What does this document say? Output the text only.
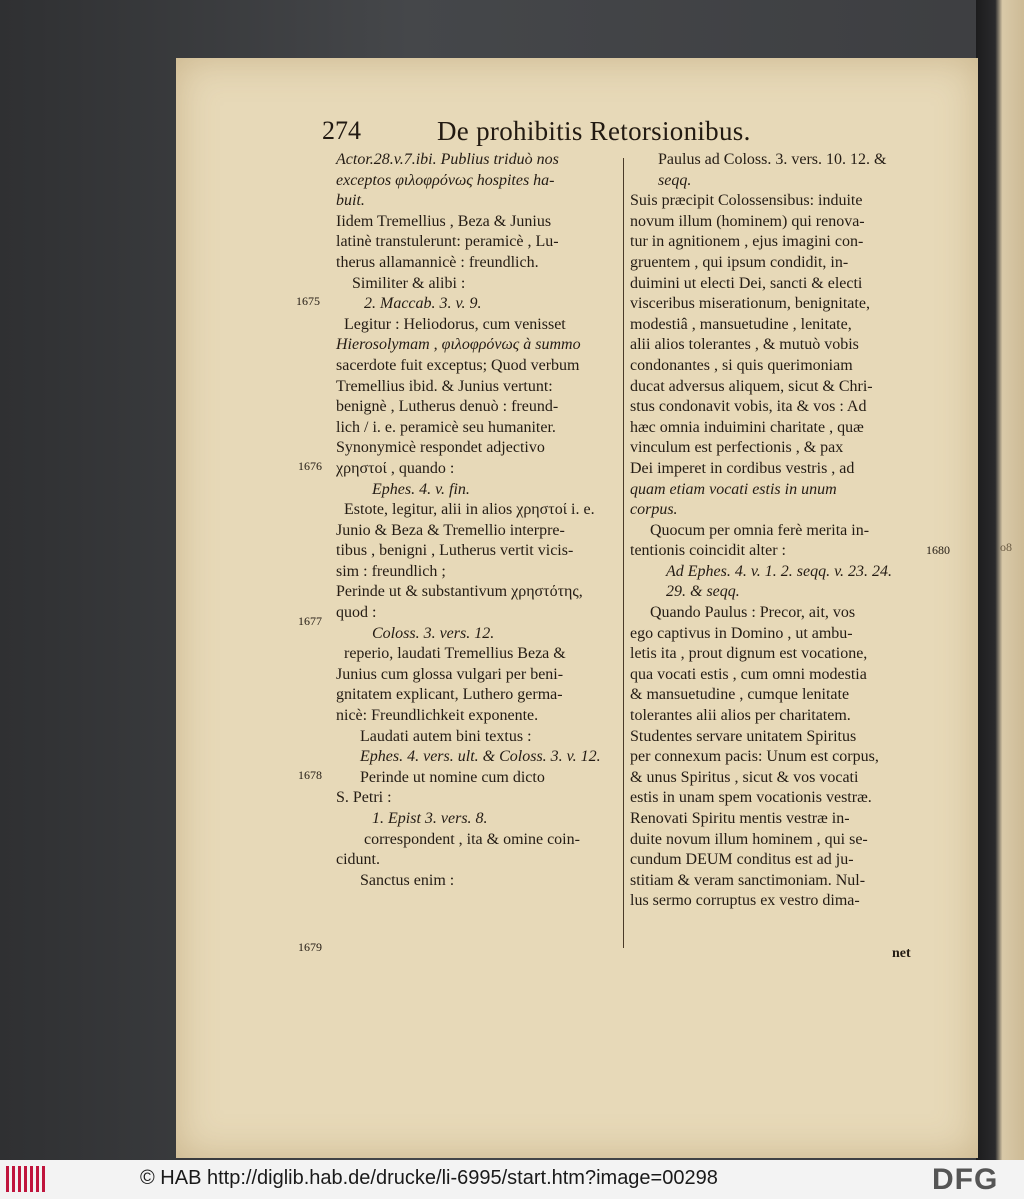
274	De prohibitis Retorsionibus.
Actor.28.v.7.ibi. Publius triduò nos
exceptos φιλοφρόνως hospites ha-
buit.
Iidem Tremellius , Beza & Junius
latinè transtulerunt: peramicè , Lu-
therus allamannicè : freundlich.
Similiter & alibi :
2. Maccab. 3. v. 9.
Legitur : Heliodorus, cum venisset
Hierosolymam , φιλοφρόνως à summo
sacerdote fuit exceptus; Quod verbum
Tremellius ibid. & Junius vertunt:
benignè , Lutherus denuò : freund-
lich / i. e. peramicè seu humaniter.
Synonymicè respondet adjectivo
χρηστοί , quando :
Ephes. 4. v. fin.
Estote, legitur, alii in alios χρηστοί i. e.
Junio & Beza & Tremellio interpre-
tibus , benigni , Lutherus vertit vicis-
sim : freundlich ;
Perinde ut & substantivum χρηστότης,
quod :
Coloss. 3. vers. 12.
reperio, laudati Tremellius Beza &
Junius cum glossa vulgari per beni-
gnitatem explicant, Luthero germa-
nicè: Freundlichkeit exponente.
Laudati autem bini textus :
Ephes. 4. vers. ult. & Coloss. 3. v. 12.
Perinde ut nomine cum dicto
S. Petri :
1. Epist 3. vers. 8.
correspondent , ita & omine coin-
cidunt.
Sanctus enim :
Paulus ad Coloss. 3. vers. 10. 12. &
seqq.
Suis præcipit Colossensibus: induite
novum illum (hominem) qui renova-
tur in agnitionem , ejus imagini con-
gruentem , qui ipsum condidit, in-
duimini ut electi Dei, sancti & electi
visceribus miserationum, benignitate,
modestiâ , mansuetudine , lenitate,
alii alios tolerantes , & mutuò vobis
condonantes , si quis querimoniam
ducat adversus aliquem, sicut & Chri-
stus condonavit vobis, ita & vos : Ad
hæc omnia induimini charitate , quæ
vinculum est perfectionis , & pax
Dei imperet in cordibus vestris , ad
quam etiam vocati estis in unum
corpus.
Quocum per omnia ferè merita in-
tentionis coincidit alter :
Ad Ephes. 4. v. 1. 2. seqq. v. 23. 24.
29. & seqq.
Quando Paulus : Precor, ait, vos
ego captivus in Domino , ut ambu-
letis ita , prout dignum est vocatione,
qua vocati estis , cum omni modestia
& mansuetudine , cumque lenitate
tolerantes alii alios per charitatem.
Studentes servare unitatem Spiritus
per connexum pacis: Unum est corpus,
& unus Spiritus , sicut & vos vocati
estis in unam spem vocationis vestræ.
Renovati Spiritu mentis vestræ in-
duite novum illum hominem , qui se-
cundum DEUM conditus est ad ju-
stitiam & veram sanctimoniam. Nul-
lus sermo corruptus ex vestro dima-
1675
1676
1677
1678
1679
1680
net
o8
© HAB http://diglib.hab.de/drucke/li-6995/start.htm?image=00298	DFG
